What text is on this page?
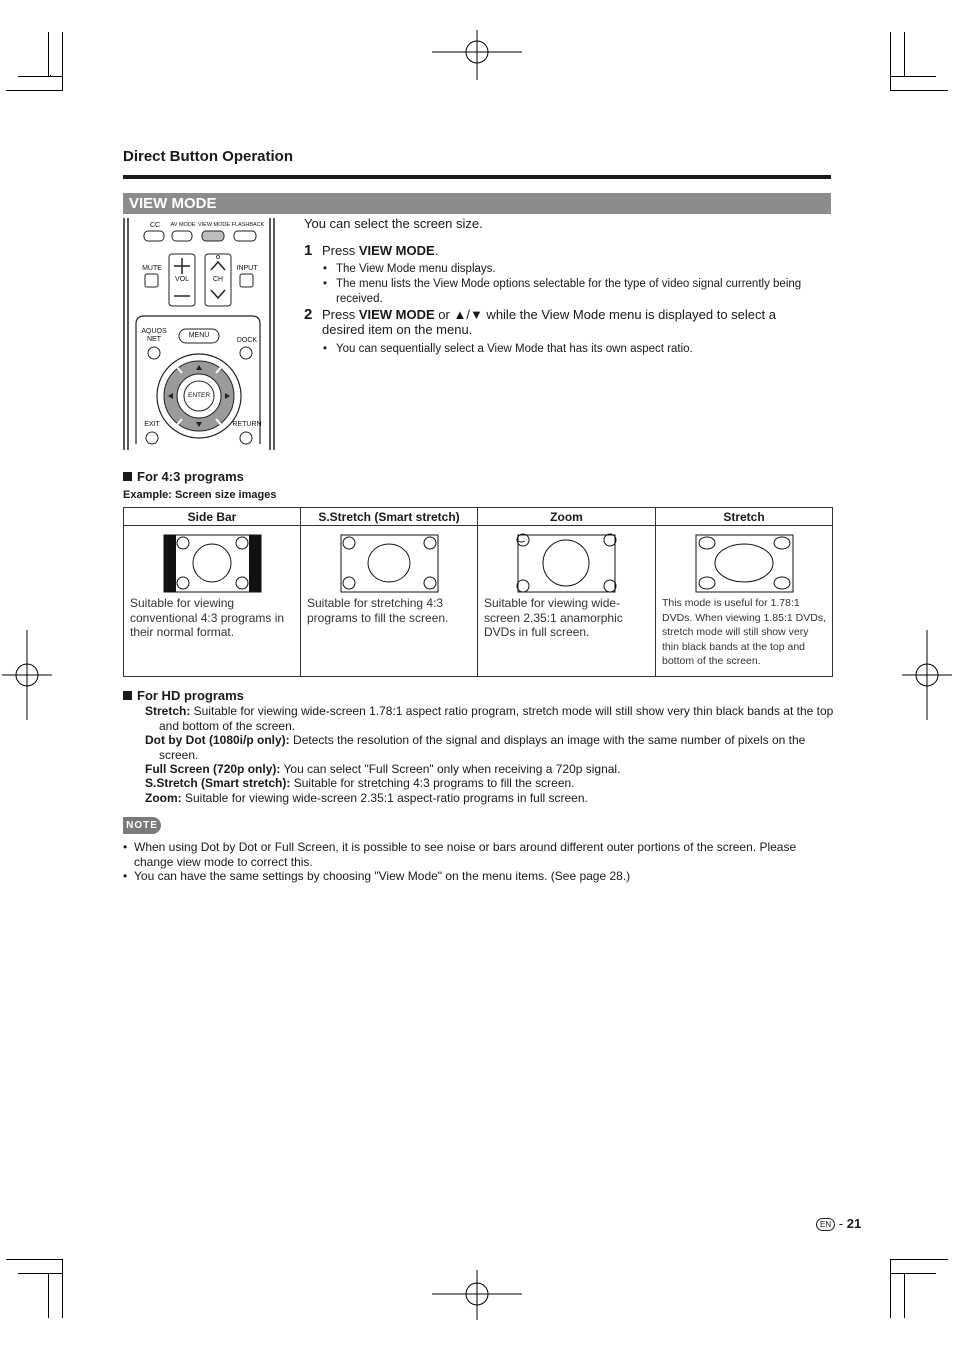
Direct Button Operation
VIEW MODE
CC	AV MODE VIEW MODE FLASHBACK
MUTE
VOL	CH
INPUT
AQUOS NET
MENU
DOCK
ENTER
EXIT	RETURN
You can select the screen size.
1 Press VIEW MODE.
• The View Mode menu displays.
• The menu lists the View Mode options selectable for the type of video signal currently being received.
2 Press VIEW MODE or ▲/▼ while the View Mode menu is displayed to select a desired item on the menu.
• You can sequentially select a View Mode that has its own aspect ratio.
For 4:3 programs
Example: Screen size images
Side Bar	S.Stretch (Smart stretch)	Zoom	Stretch

Suitable for viewing conventional 4:3 programs in their normal format.	Suitable for stretching 4:3 programs to fill the screen.	Suitable for viewing wide-screen 2.35:1 anamorphic DVDs in full screen.	This mode is useful for 1.78:1 DVDs. When viewing 1.85:1 DVDs, stretch mode will still show very thin black bands at the top and bottom of the screen.
For HD programs
Stretch: Suitable for viewing wide-screen 1.78:1 aspect ratio program, stretch mode will still show very thin black bands at the top and bottom of the screen.
Dot by Dot (1080i/p only): Detects the resolution of the signal and displays an image with the same number of pixels on the screen.
Full Screen (720p only): You can select "Full Screen" only when receiving a 720p signal.
S.Stretch (Smart stretch): Suitable for stretching 4:3 programs to fill the screen.
Zoom: Suitable for viewing wide-screen 2.35:1 aspect-ratio programs in full screen.
NOTE
• When using Dot by Dot or Full Screen, it is possible to see noise or bars around different outer portions of the screen. Please change view mode to correct this.
• You can have the same settings by choosing "View Mode" on the menu items. (See page 28.)
EN - 21
